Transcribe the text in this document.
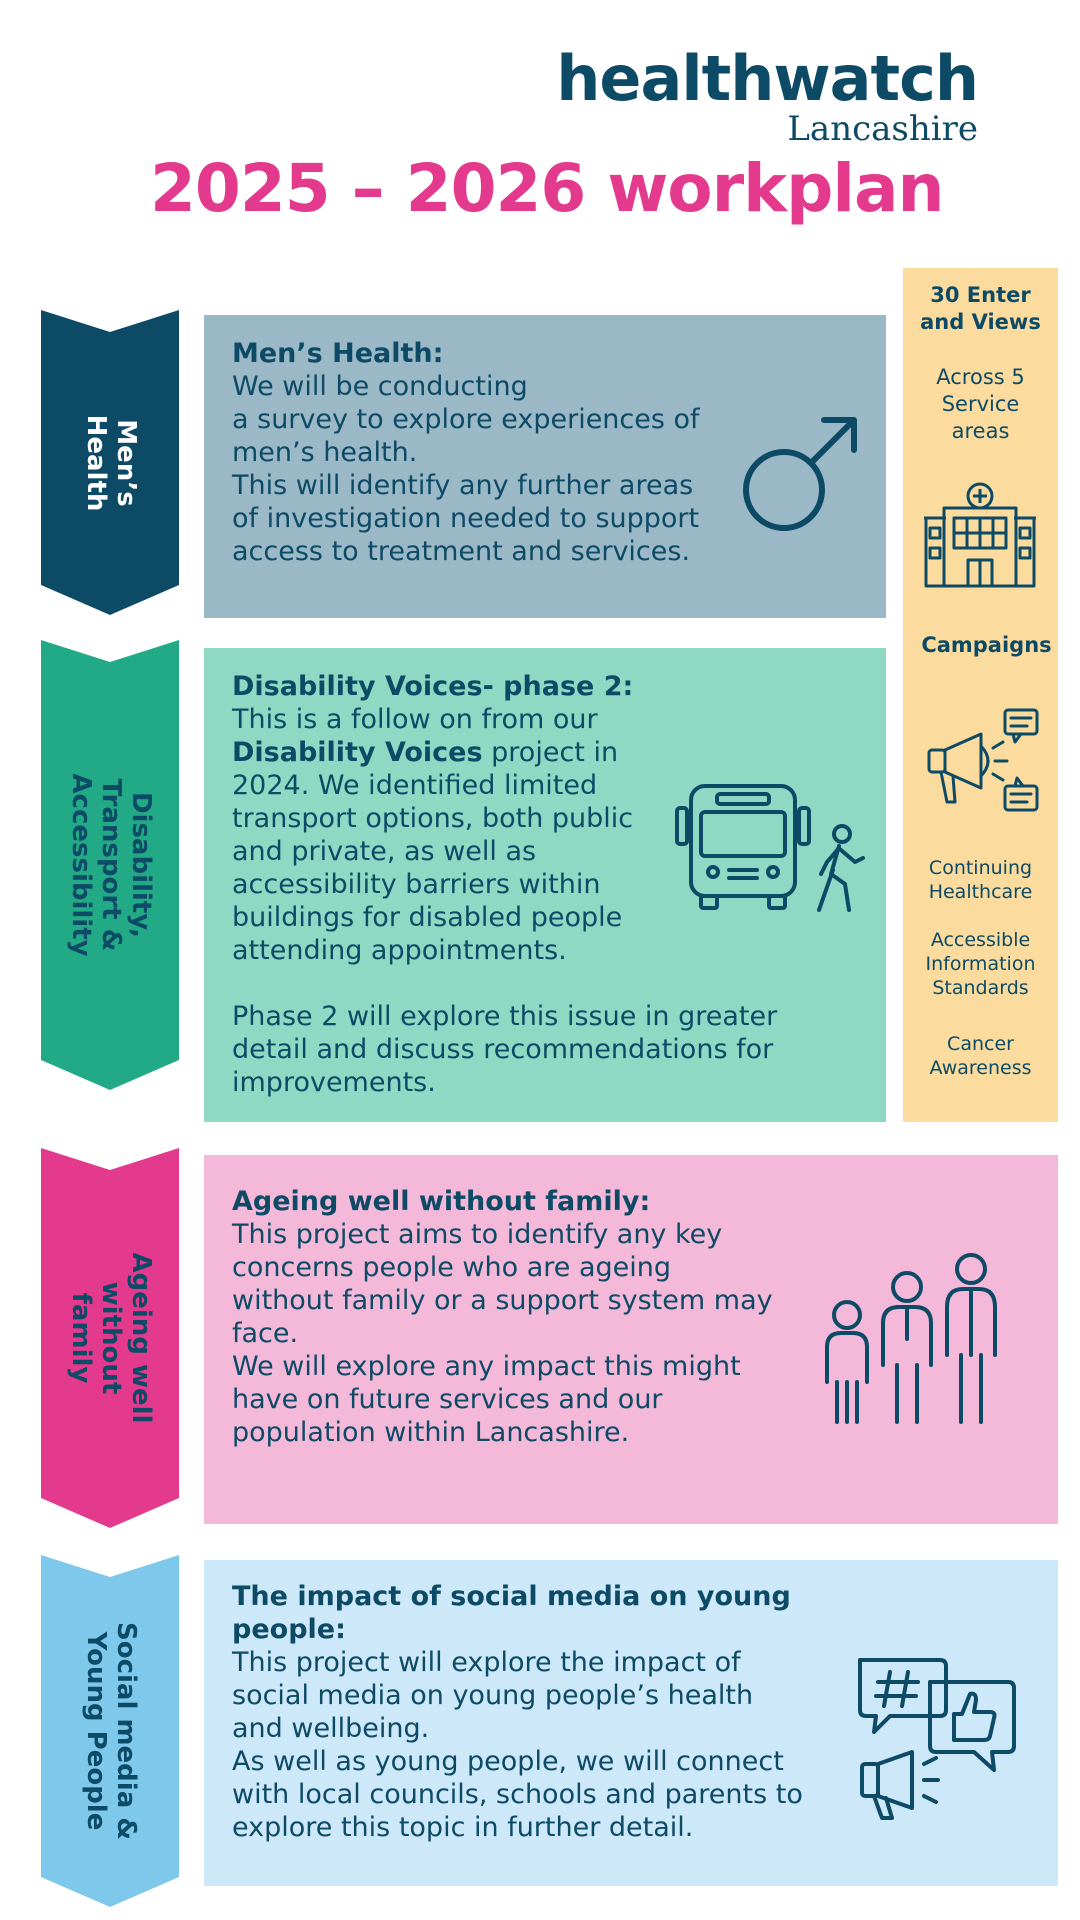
healthwatch
Lancashire
2025 – 2026 workplan
Men’s
Health
Men’s Health:
We will be conducting
a survey to explore experiences of
men’s health.
This will identify any further areas
of investigation needed to support
access to treatment and services.
Disability,
Transport &
Accessibility
Disability Voices- phase 2:
This is a follow on from our
Disability Voices project in
2024. We identified limited
transport options, both public
and private, as well as
accessibility barriers within
buildings for disabled people
attending appointments.
Phase 2 will explore this issue in greater
detail and discuss recommendations for
improvements.
Ageing well
without
family
Ageing well without family:
This project aims to identify any key
concerns people who are ageing
without family or a support system may
face.
We will explore any impact this might
have on future services and our
population within Lancashire.
Social media &
Young People
The impact of social media on young
people:
This project will explore the impact of
social media on young people’s health
and wellbeing.
As well as young people, we will connect
with local councils, schools and parents to
explore this topic in further detail.
30 Enter
and Views
Across 5
Service
areas
Campaigns
Continuing
Healthcare
Accessible
Information
Standards
Cancer
Awareness
